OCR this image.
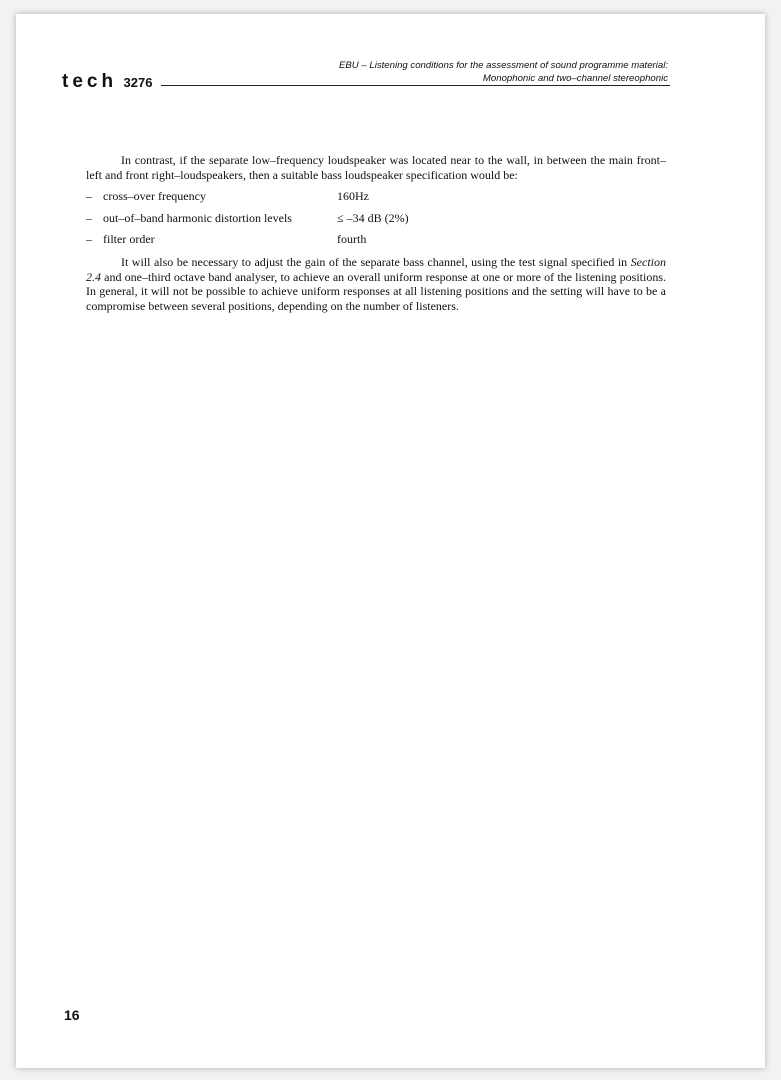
tech 3276
EBU – Listening conditions for the assessment of sound programme material:
Monophonic and two–channel stereophonic

In contrast, if the separate low–frequency loudspeaker was located near to the wall, in between the main front–left and front right–loudspeakers, then a suitable bass loudspeaker specification would be:

– cross–over frequency	160Hz
– out–of–band harmonic distortion levels	≤ –34 dB (2%)
– filter order	fourth

It will also be necessary to adjust the gain of the separate bass channel, using the test signal specified in Section 2.4 and one–third octave band analyser, to achieve an overall uniform response at one or more of the listening positions. In general, it will not be possible to achieve uniform responses at all listening positions and the setting will have to be a compromise between several positions, depending on the number of listeners.

16
